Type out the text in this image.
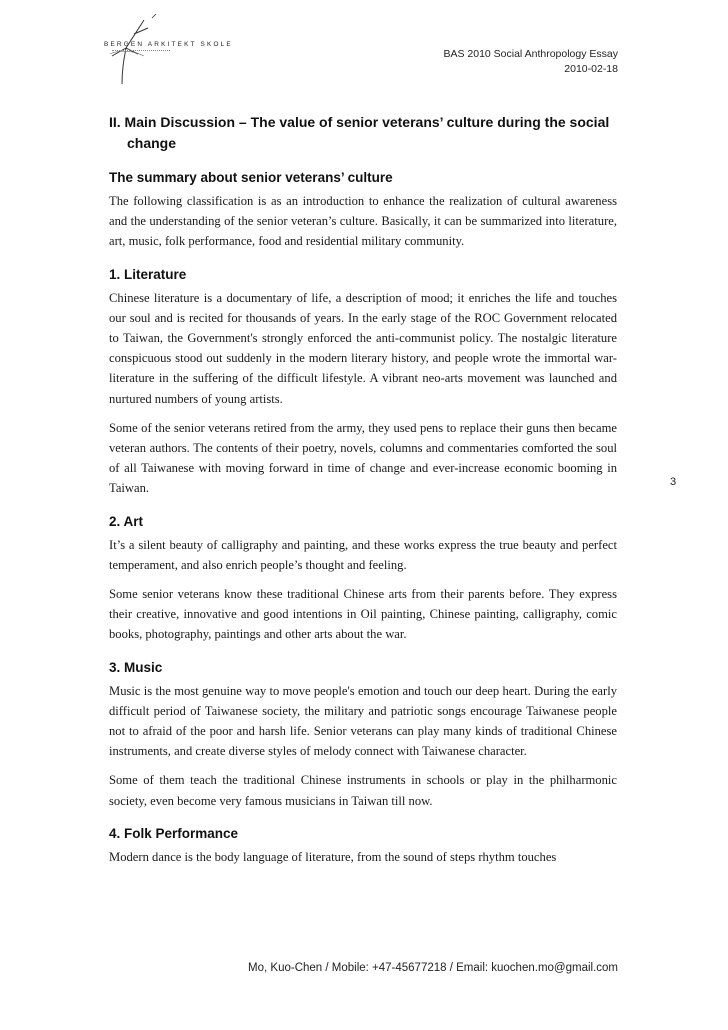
BERGEN ARKITEKT SKOLE
BAS 2010 Social Anthropology Essay
2010-02-18
3
II. Main Discussion – The value of senior veterans’ culture during the social change
The summary about senior veterans’ culture

The following classification is as an introduction to enhance the realization of cultural awareness and the understanding of the senior veteran’s culture. Basically, it can be summarized into literature, art, music, folk performance, food and residential military community.

1. Literature

Chinese literature is a documentary of life, a description of mood; it enriches the life and touches our soul and is recited for thousands of years. In the early stage of the ROC Government relocated to Taiwan, the Government's strongly enforced the anti-communist policy. The nostalgic literature conspicuous stood out suddenly in the modern literary history, and people wrote the immortal war-literature in the suffering of the difficult lifestyle. A vibrant neo-arts movement was launched and nurtured numbers of young artists.

Some of the senior veterans retired from the army, they used pens to replace their guns then became veteran authors. The contents of their poetry, novels, columns and commentaries comforted the soul of all Taiwanese with moving forward in time of change and ever-increase economic booming in Taiwan.

2. Art

It’s a silent beauty of calligraphy and painting, and these works express the true beauty and perfect temperament, and also enrich people’s thought and feeling.

Some senior veterans know these traditional Chinese arts from their parents before. They express their creative, innovative and good intentions in Oil painting, Chinese painting, calligraphy, comic books, photography, paintings and other arts about the war.

3. Music

Music is the most genuine way to move people's emotion and touch our deep heart. During the early difficult period of Taiwanese society, the military and patriotic songs encourage Taiwanese people not to afraid of the poor and harsh life. Senior veterans can play many kinds of traditional Chinese instruments, and create diverse styles of melody connect with Taiwanese character.

Some of them teach the traditional Chinese instruments in schools or play in the philharmonic society, even become very famous musicians in Taiwan till now.

4. Folk Performance

Modern dance is the body language of literature, from the sound of steps rhythm touches

Mo, Kuo-Chen / Mobile: +47-45677218 / Email: kuochen.mo@gmail.com
